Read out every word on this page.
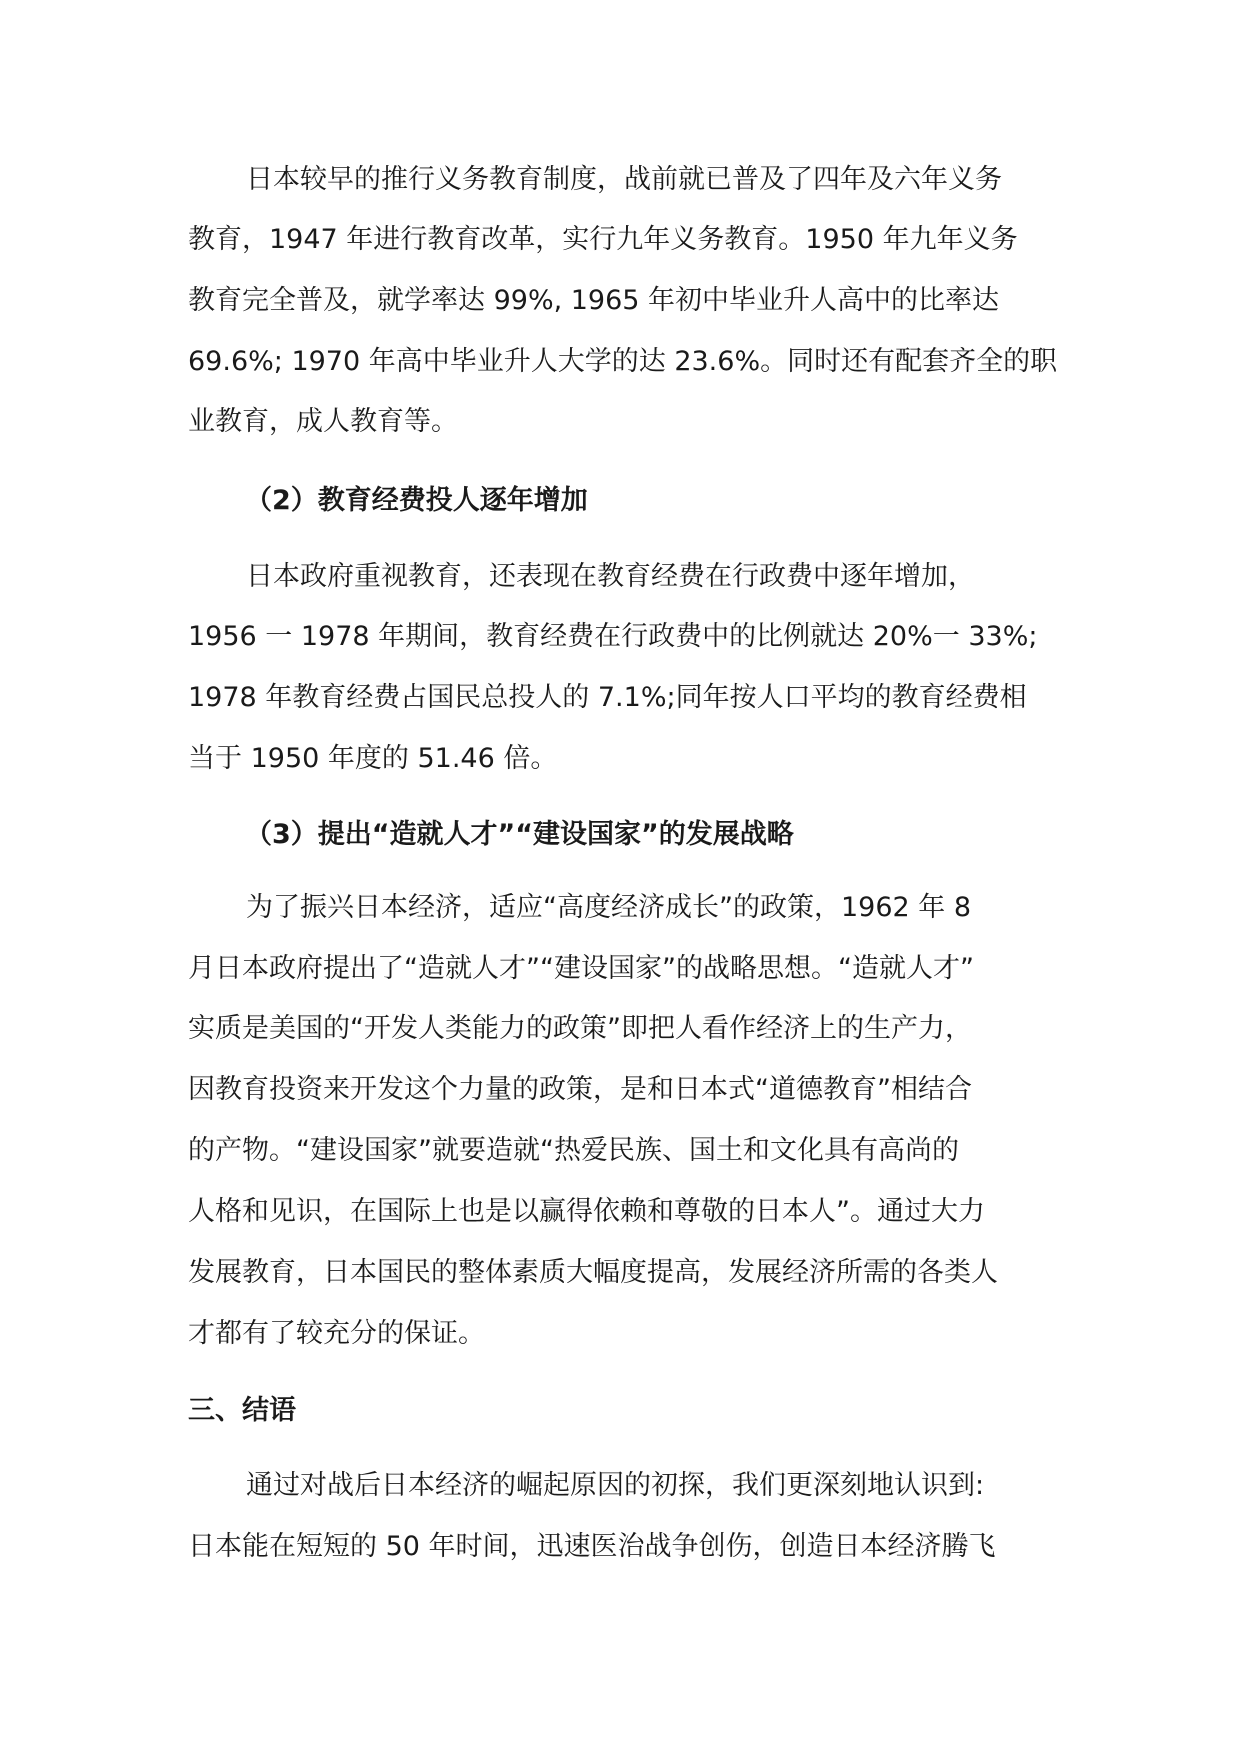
日本较早的推行义务教育制度，战前就已普及了四年及六年义务
教育，1947 年进行教育改革，实行九年义务教育。1950 年九年义务
教育完全普及，就学率达 99%, 1965 年初中毕业升人高中的比率达
69.6%; 1970 年高中毕业升人大学的达 23.6%。同时还有配套齐全的职
业教育，成人教育等。
（2）教育经费投人逐年增加
日本政府重视教育，还表现在教育经费在行政费中逐年增加，
1956 一 1978 年期间，教育经费在行政费中的比例就达 20%一 33%;
1978 年教育经费占国民总投人的 7.1%;同年按人口平均的教育经费相
当于 1950 年度的 51.46 倍。
（3）提出“造就人才”“建设国家”的发展战略
为了振兴日本经济，适应“高度经济成长”的政策，1962 年 8
月日本政府提出了“造就人才”“建设国家”的战略思想。“造就人才”
实质是美国的“开发人类能力的政策”即把人看作经济上的生产力，
因教育投资来开发这个力量的政策，是和日本式“道德教育”相结合
的产物。“建设国家”就要造就“热爱民族、国土和文化具有高尚的
人格和见识，在国际上也是以赢得依赖和尊敬的日本人”。通过大力
发展教育，日本国民的整体素质大幅度提高，发展经济所需的各类人
才都有了较充分的保证。
三、结语
通过对战后日本经济的崛起原因的初探，我们更深刻地认识到:
日本能在短短的 50 年时间，迅速医治战争创伤，创造日本经济腾飞
